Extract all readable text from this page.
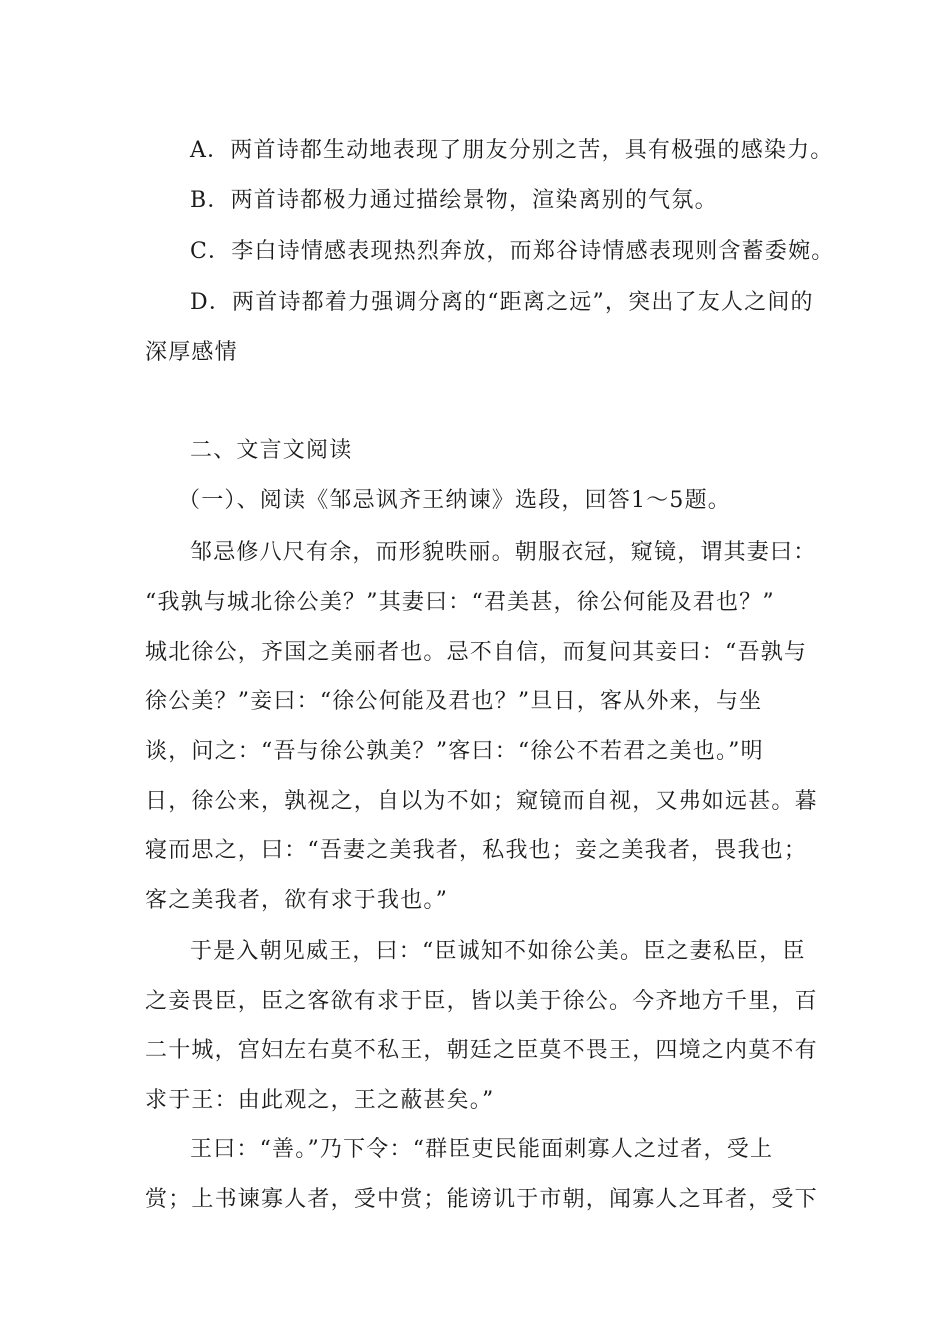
A．两首诗都生动地表现了朋友分别之苦，具有极强的感染力。
B．两首诗都极力通过描绘景物，渲染离别的气氛。
C．李白诗情感表现热烈奔放，而郑谷诗情感表现则含蓄委婉。
D．两首诗都着力强调分离的“距离之远”，突出了友人之间的
深厚感情
二、文言文阅读
（一）、阅读《邹忌讽齐王纳谏》选段，回答1～5题。
邹忌修八尺有余，而形貌昳丽。朝服衣冠，窥镜，谓其妻曰：
“我孰与城北徐公美？”其妻曰：“君美甚，徐公何能及君也？”
城北徐公，齐国之美丽者也。忌不自信，而复问其妾曰：“吾孰与
徐公美？”妾曰：“徐公何能及君也？”旦日，客从外来，与坐
谈，问之：“吾与徐公孰美？”客曰：“徐公不若君之美也。”明
日，徐公来，孰视之，自以为不如；窥镜而自视，又弗如远甚。暮
寝而思之，曰：“吾妻之美我者，私我也；妾之美我者，畏我也；
客之美我者，欲有求于我也。”
于是入朝见威王，曰：“臣诚知不如徐公美。臣之妻私臣，臣
之妾畏臣，臣之客欲有求于臣，皆以美于徐公。今齐地方千里，百
二十城，宫妇左右莫不私王，朝廷之臣莫不畏王，四境之内莫不有
求于王：由此观之，王之蔽甚矣。”
王曰：“善。”乃下令：“群臣吏民能面刺寡人之过者，受上
赏；上书谏寡人者，受中赏；能谤讥于市朝，闻寡人之耳者，受下
